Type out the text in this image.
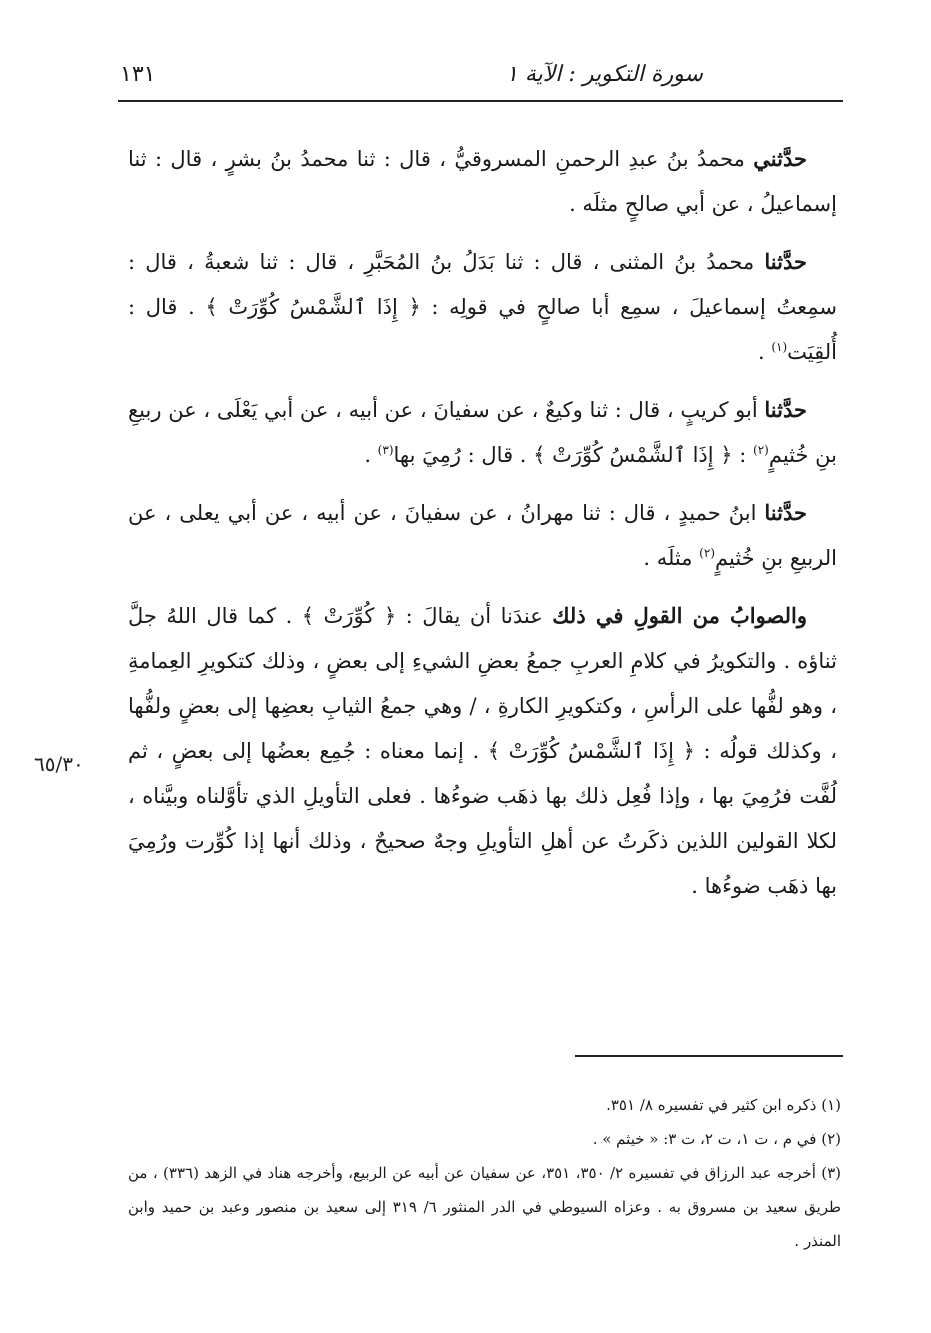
سورة التكوير : الآية ١
١٣١

حدَّثني محمدُ بنُ عبدِ الرحمنِ المسروقيُّ ، قال : ثنا محمدُ بنُ بشرٍ ، قال : ثنا إسماعيلُ ، عن أبي صالحٍ مثلَه .

حدَّثنا محمدُ بنُ المثنى ، قال : ثنا بَدَلُ بنُ المُحَبَّرِ ، قال : ثنا شعبةُ ، قال : سمِعتُ إسماعيلَ ، سمِع أبا صالحٍ في قولِه : ﴿ إِذَا ٱلشَّمْسُ كُوِّرَتْ ﴾ . قال : أُلقِيَت$^{(١)}$ .

حدَّثنا أبو كريبٍ ، قال : ثنا وكيعٌ ، عن سفيانَ ، عن أبيه ، عن أبي يَعْلَى ، عن ربيعِ بنِ خُثيمٍ$^{(٢)}$ : ﴿ إِذَا ٱلشَّمْسُ كُوِّرَتْ ﴾ . قال : رُمِيَ بها$^{(٣)}$ .

حدَّثنا ابنُ حميدٍ ، قال : ثنا مهرانُ ، عن سفيانَ ، عن أبيه ، عن أبي يعلى ، عن الربيعِ بنِ خُثيمٍ$^{(٢)}$ مثلَه .

والصوابُ من القولِ في ذلك عندَنا أن يقالَ : ﴿ كُوِّرَتْ ﴾ . كما قال اللهُ جلَّ ثناؤه . والتكويرُ في كلامِ العربِ جمعُ بعضِ الشيءِ إلى بعضٍ ، وذلك كتكويرِ العِمامةِ ، وهو لفُّها على الرأسِ ، وكتكويرِ الكارةِ ، / وهي جمعُ الثيابِ بعضِها إلى بعضٍ ولفُّها ، وكذلك قولُه : ﴿ إِذَا ٱلشَّمْسُ كُوِّرَتْ ﴾ . إنما معناه : جُمِع بعضُها إلى بعضٍ ، ثم لُفَّت فرُمِيَ بها ، وإذا فُعِل ذلك بها ذهَب ضوءُها . فعلى التأويلِ الذي تأوَّلناه وبيَّناه ، لكلا القولين اللذين ذكَرتُ عن أهلِ التأويلِ وجهٌ صحيحٌ ، وذلك أنها إذا كُوِّرت ورُمِيَ بها ذهَب ضوءُها .

٦٥/٣٠

(١) ذكره ابن كثير في تفسيره ٨/ ٣٥١.

(٢) في م ، ت ١، ت ٢، ت ٣: « خيثم » .

(٣) أخرجه عبد الرزاق في تفسيره ٢/ ٣٥٠، ٣٥١، عن سفيان عن أبيه عن الربيع، وأخرجه هناد في الزهد (٣٣٦) ، من طريق سعيد بن مسروق به . وعزاه السيوطي في الدر المنثور ٦/ ٣١٩ إلى سعيد بن منصور وعبد بن حميد وابن المنذر .
